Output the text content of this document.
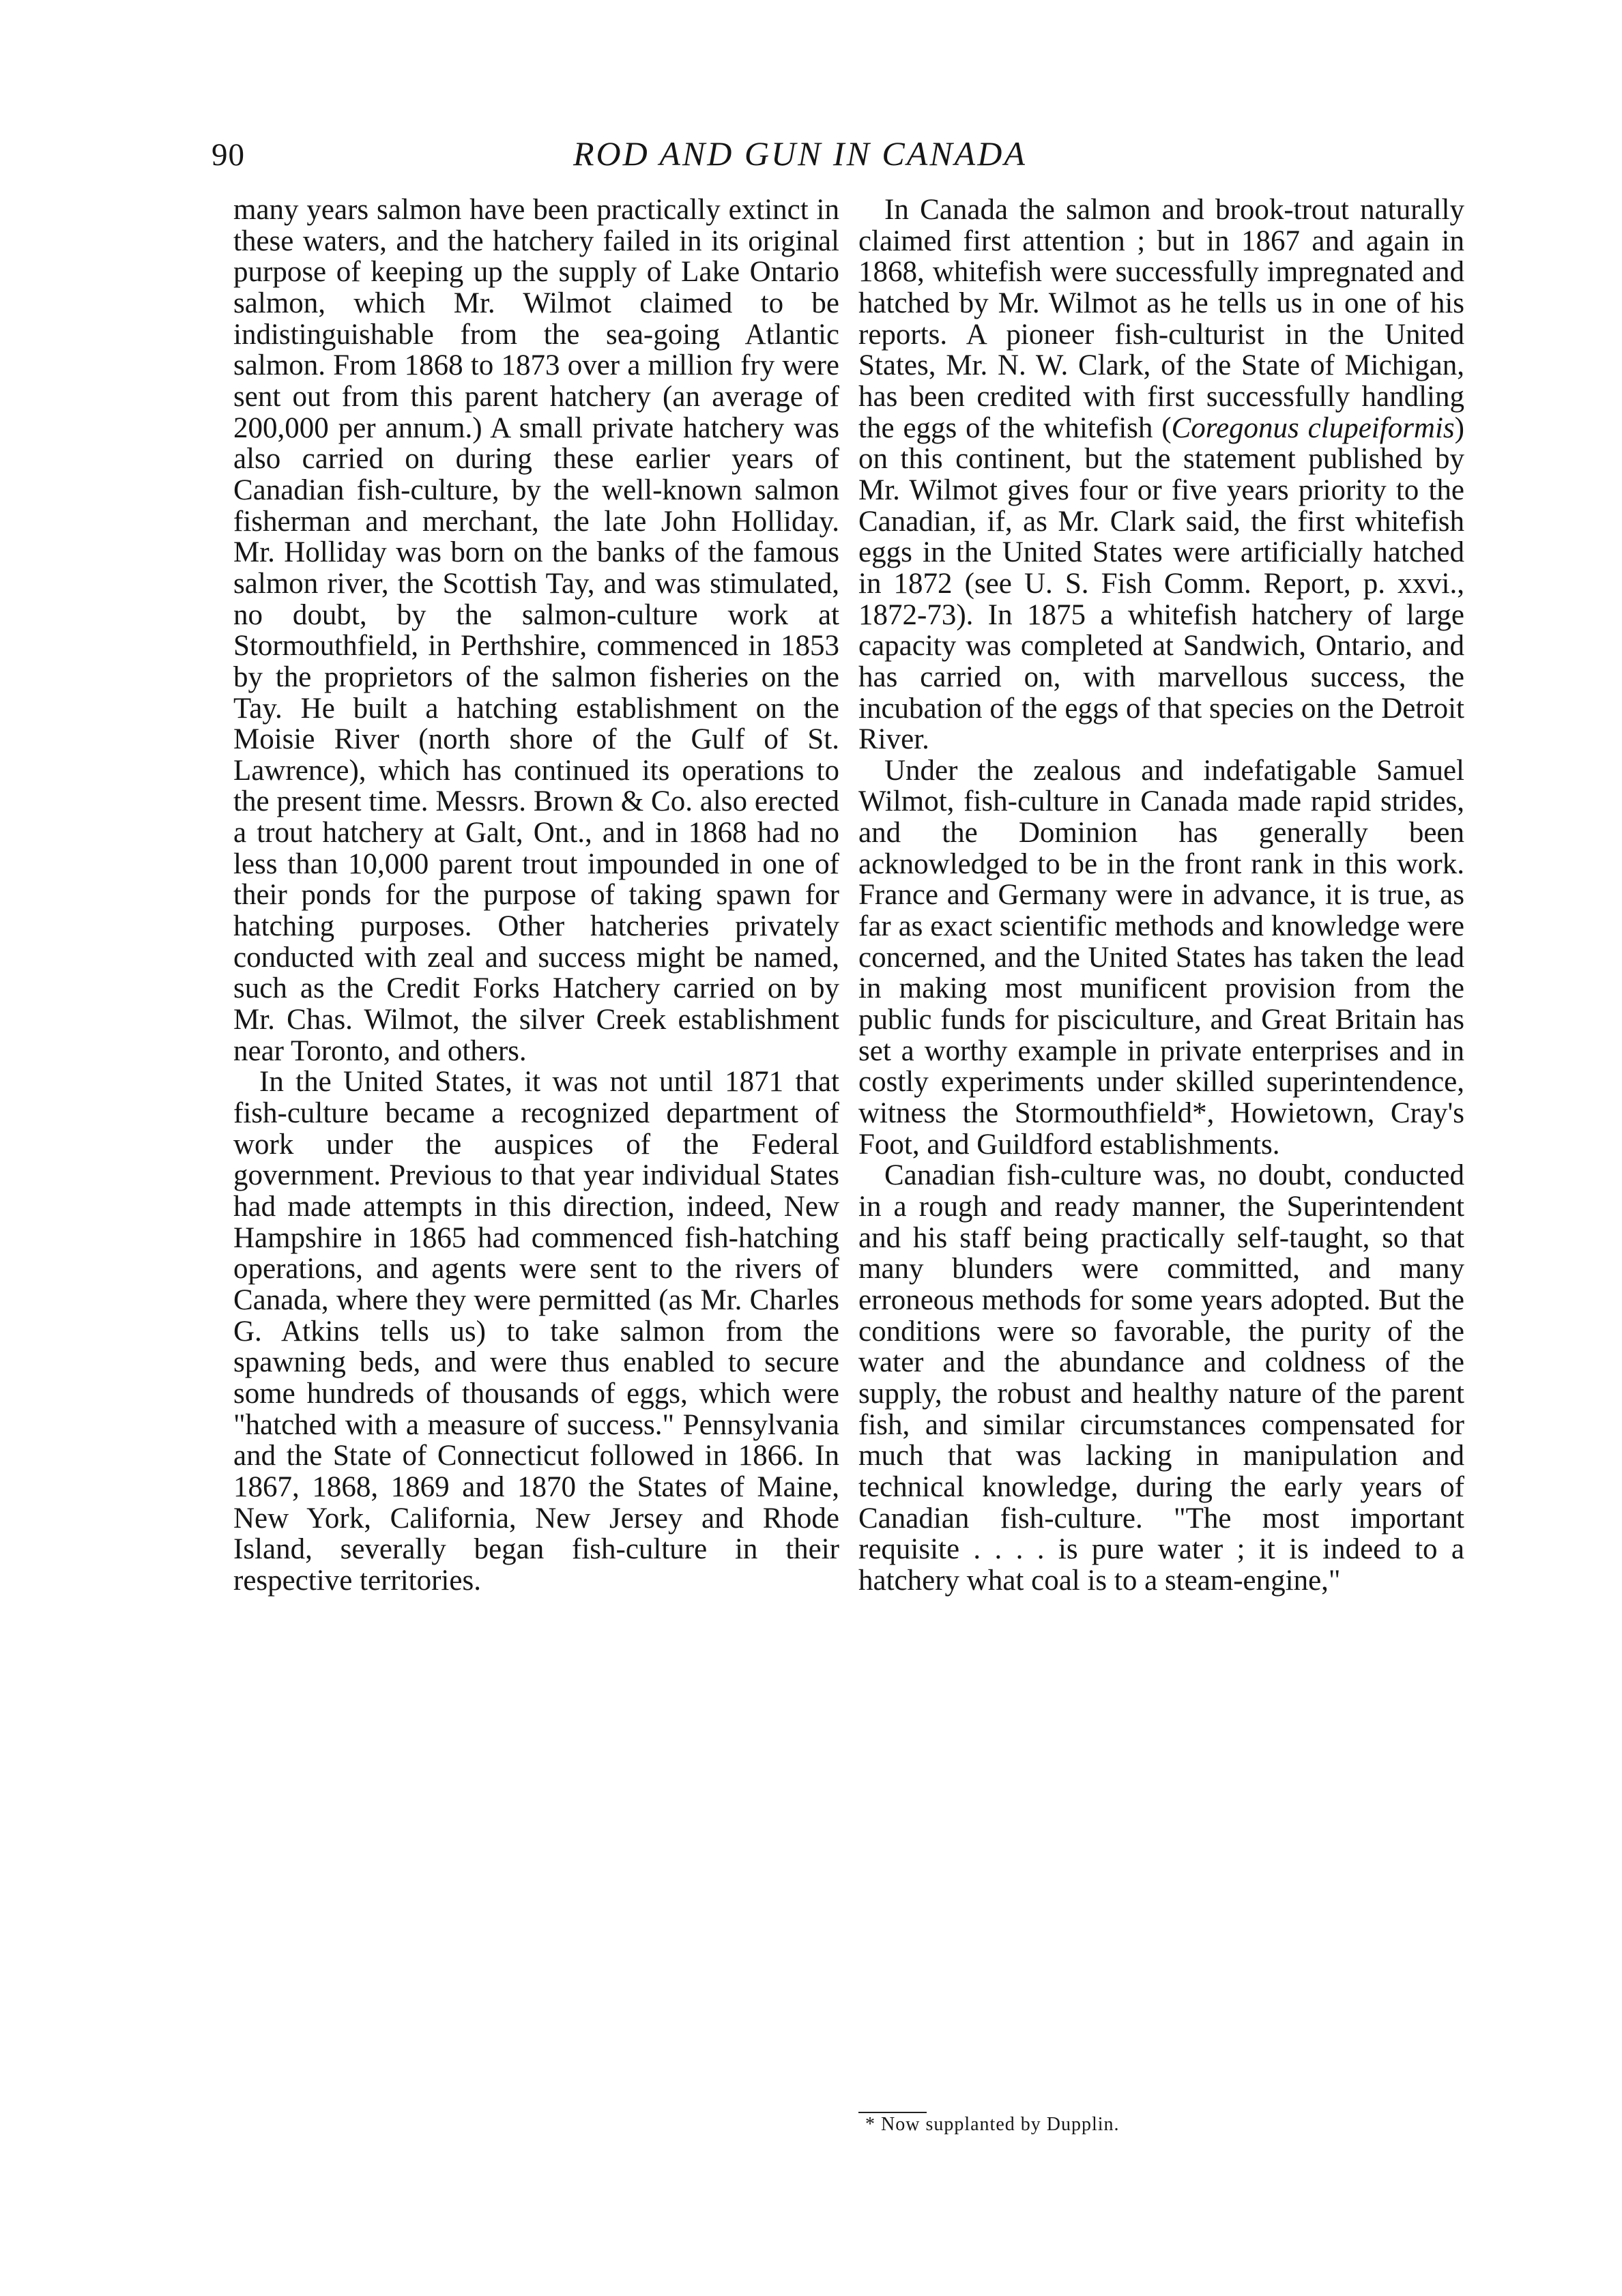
90	ROD AND GUN IN CANADA

many years salmon have been practically extinct in these waters, and the hatchery failed in its original purpose of keeping up the supply of Lake Ontario salmon, which Mr. Wilmot claimed to be indistinguishable from the sea-going Atlantic salmon. From 1868 to 1873 over a million fry were sent out from this parent hatchery (an average of 200,000 per annum.) A small private hatchery was also carried on during these earlier years of Canadian fish-culture, by the well-known salmon fisherman and merchant, the late John Holliday. Mr. Holliday was born on the banks of the famous salmon river, the Scottish Tay, and was stimulated, no doubt, by the salmon-culture work at Stormouthfield, in Perthshire, commenced in 1853 by the proprietors of the salmon fisheries on the Tay. He built a hatching establishment on the Moisie River (north shore of the Gulf of St. Lawrence), which has continued its operations to the present time. Messrs. Brown & Co. also erected a trout hatchery at Galt, Ont., and in 1868 had no less than 10,000 parent trout impounded in one of their ponds for the purpose of taking spawn for hatching purposes. Other hatcheries privately conducted with zeal and success might be named, such as the Credit Forks Hatchery carried on by Mr. Chas. Wilmot, the silver Creek establishment near Toronto, and others.

In the United States, it was not until 1871 that fish-culture became a recognized department of work under the auspices of the Federal government. Previous to that year individual States had made attempts in this direction, indeed, New Hampshire in 1865 had commenced fish-hatching operations, and agents were sent to the rivers of Canada, where they were permitted (as Mr. Charles G. Atkins tells us) to take salmon from the spawning beds, and were thus enabled to secure some hundreds of thousands of eggs, which were "hatched with a measure of success." Pennsylvania and the State of Connecticut followed in 1866. In 1867, 1868, 1869 and 1870 the States of Maine, New York, California, New Jersey and Rhode Island, severally began fish-culture in their respective territories.

In Canada the salmon and brook-trout naturally claimed first attention ; but in 1867 and again in 1868, whitefish were successfully impregnated and hatched by Mr. Wilmot as he tells us in one of his reports. A pioneer fish-culturist in the United States, Mr. N. W. Clark, of the State of Michigan, has been credited with first successfully handling the eggs of the whitefish (Coregonus clupeiformis) on this continent, but the statement published by Mr. Wilmot gives four or five years priority to the Canadian, if, as Mr. Clark said, the first whitefish eggs in the United States were artificially hatched in 1872 (see U. S. Fish Comm. Report, p. xxvi., 1872-73). In 1875 a whitefish hatchery of large capacity was completed at Sandwich, Ontario, and has carried on, with marvellous success, the incubation of the eggs of that species on the Detroit River.

Under the zealous and indefatigable Samuel Wilmot, fish-culture in Canada made rapid strides, and the Dominion has generally been acknowledged to be in the front rank in this work. France and Germany were in advance, it is true, as far as exact scientific methods and knowledge were concerned, and the United States has taken the lead in making most munificent provision from the public funds for pisciculture, and Great Britain has set a worthy example in private enterprises and in costly experiments under skilled superintendence, witness the Stormouthfield*, Howietown, Cray's Foot, and Guildford establishments.

Canadian fish-culture was, no doubt, conducted in a rough and ready manner, the Superintendent and his staff being practically self-taught, so that many blunders were committed, and many erroneous methods for some years adopted. But the conditions were so favorable, the purity of the water and the abundance and coldness of the supply, the robust and healthy nature of the parent fish, and similar circumstances compensated for much that was lacking in manipulation and technical knowledge, during the early years of Canadian fish-culture. "The most important requisite . . . . is pure water ; it is indeed to a hatchery what coal is to a steam-engine,"

* Now supplanted by Dupplin.
